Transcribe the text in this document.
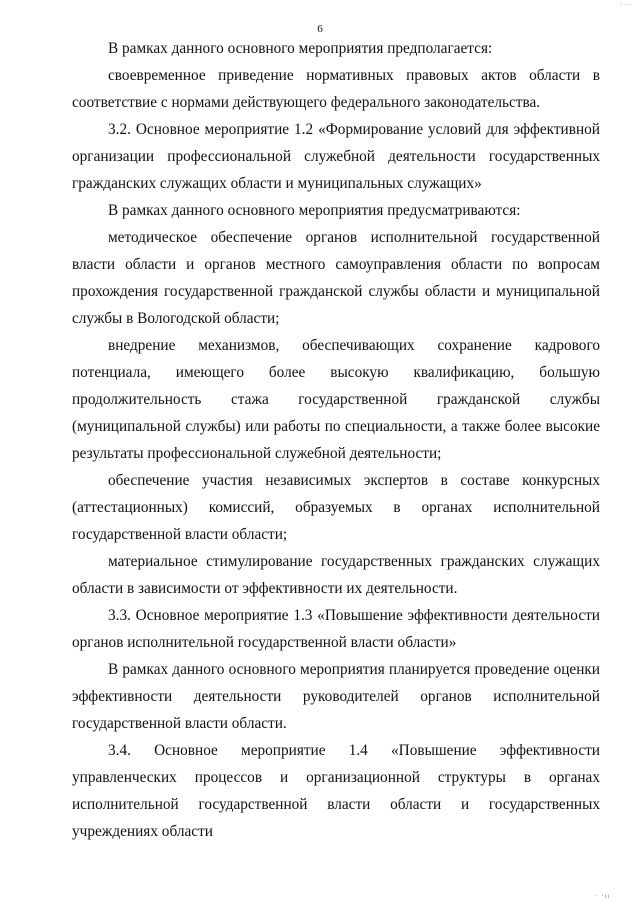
· ··
6

В рамках данного основного мероприятия предполагается:

своевременное приведение нормативных правовых актов области в соответствие с нормами действующего федерального законодательства.

3.2. Основное мероприятие 1.2 «Формирование условий для эффективной организации профессиональной служебной деятельности государственных гражданских служащих области и муниципальных служащих»

В рамках данного основного мероприятия предусматриваются:

методическое обеспечение органов исполнительной государственной власти области и органов местного самоуправления области по вопросам прохождения государственной гражданской службы области и муниципальной службы в Вологодской области;

внедрение механизмов, обеспечивающих сохранение кадрового потенциала, имеющего более высокую квалификацию, большую продолжительность стажа государственной гражданской службы (муниципальной службы) или работы по специальности, а также более высокие результаты профессиональной служебной деятельности;

обеспечение участия независимых экспертов в составе конкурсных (аттестационных) комиссий, образуемых в органах исполнительной государственной власти области;

материальное стимулирование государственных гражданских служащих области в зависимости от эффективности их деятельности.

3.3. Основное мероприятие 1.3 «Повышение эффективности деятельности органов исполнительной государственной власти области»

В рамках данного основного мероприятия планируется проведение оценки эффективности деятельности руководителей органов исполнительной государственной власти области.

3.4. Основное мероприятие 1.4 «Повышение эффективности управленческих процессов и организационной структуры в органах исполнительной государственной власти области и государственных учреждениях области

· ·ıı
